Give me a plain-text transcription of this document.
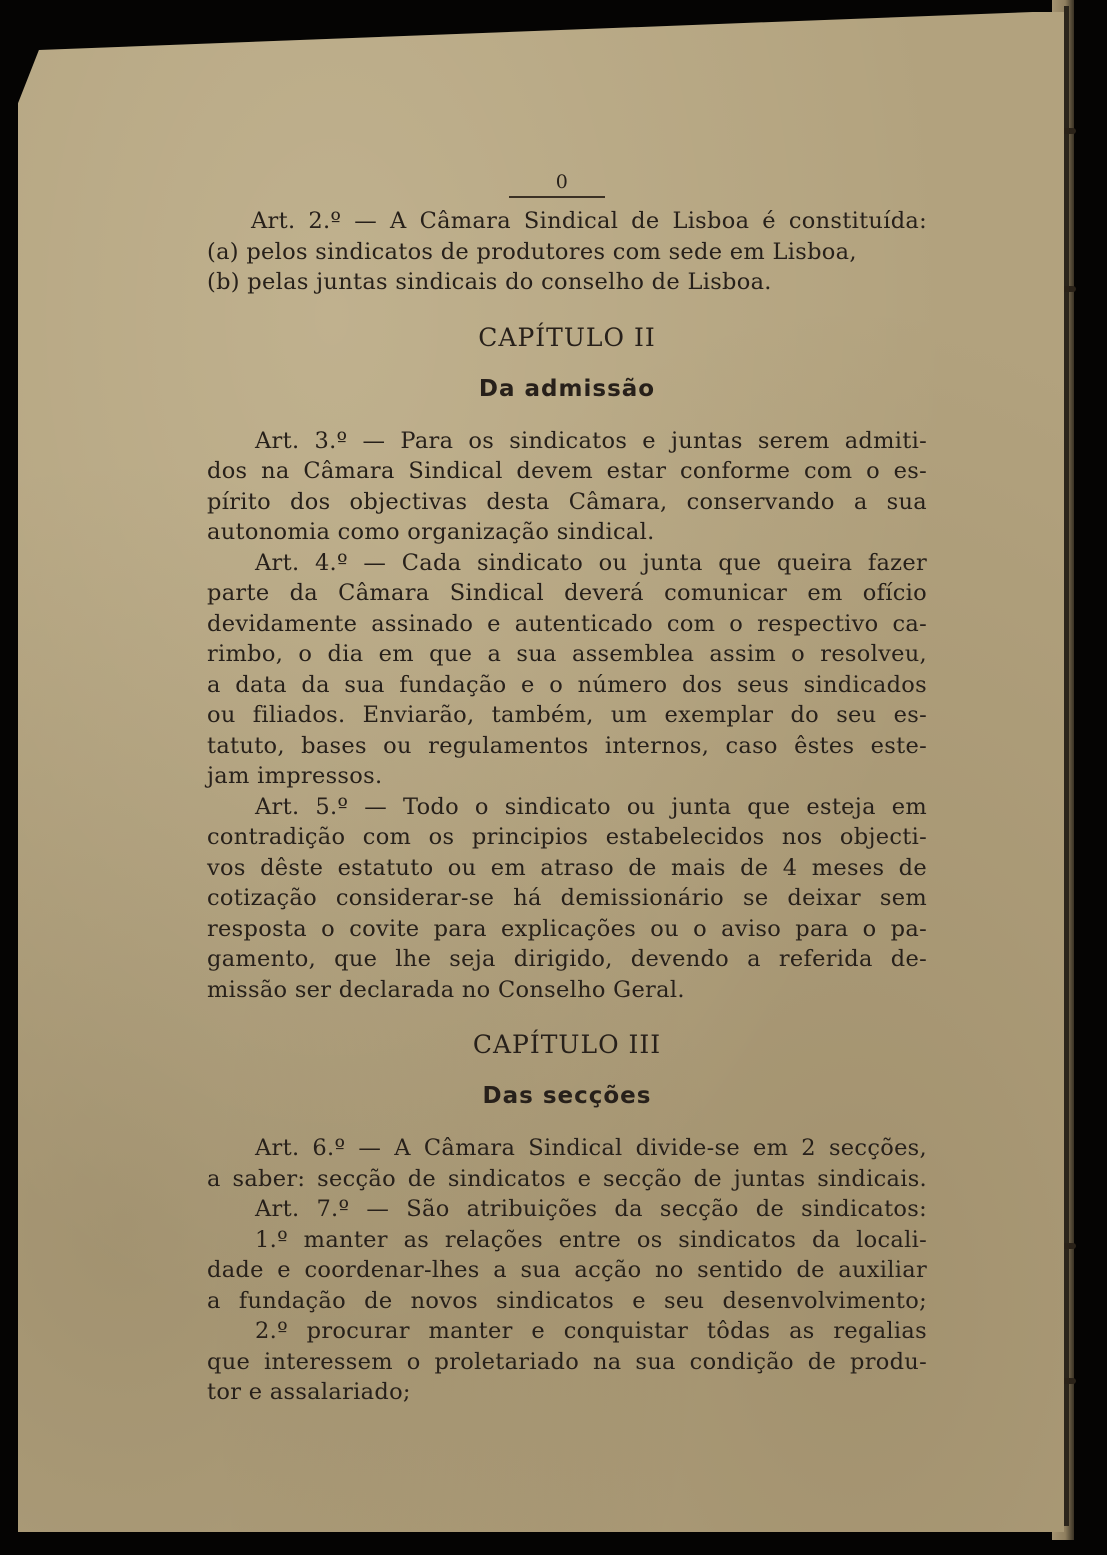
0
Art. 2.º — A Câmara Sindical de Lisboa é constituída:
(a) pelos sindicatos de produtores com sede em Lisboa,
(b) pelas juntas sindicais do conselho de Lisboa.
CAPÍTULO II
Da admissão
Art. 3.º — Para os sindicatos e juntas serem admiti-
dos na Câmara Sindical devem estar conforme com o es-
pírito dos objectivas desta Câmara, conservando a sua
autonomia como organização sindical.
Art. 4.º — Cada sindicato ou junta que queira fazer
parte da Câmara Sindical deverá comunicar em ofício
devidamente assinado e autenticado com o respectivo ca-
rimbo, o dia em que a sua assemblea assim o resolveu,
a data da sua fundação e o número dos seus sindicados
ou filiados. Enviarão, também, um exemplar do seu es-
tatuto, bases ou regulamentos internos, caso êstes este-
jam impressos.
Art. 5.º — Todo o sindicato ou junta que esteja em
contradição com os principios estabelecidos nos objecti-
vos dêste estatuto ou em atraso de mais de 4 meses de
cotização considerar-se há demissionário se deixar sem
resposta o covite para explicações ou o aviso para o pa-
gamento, que lhe seja dirigido, devendo a referida de-
missão ser declarada no Conselho Geral.
CAPÍTULO III
Das secções
Art. 6.º — A Câmara Sindical divide-se em 2 secções,
a saber: secção de sindicatos e secção de juntas sindicais.
Art. 7.º — São atribuições da secção de sindicatos:
1.º manter as relações entre os sindicatos da locali-
dade e coordenar-lhes a sua acção no sentido de auxiliar
a fundação de novos sindicatos e seu desenvolvimento;
2.º procurar manter e conquistar tôdas as regalias
que interessem o proletariado na sua condição de produ-
tor e assalariado;
